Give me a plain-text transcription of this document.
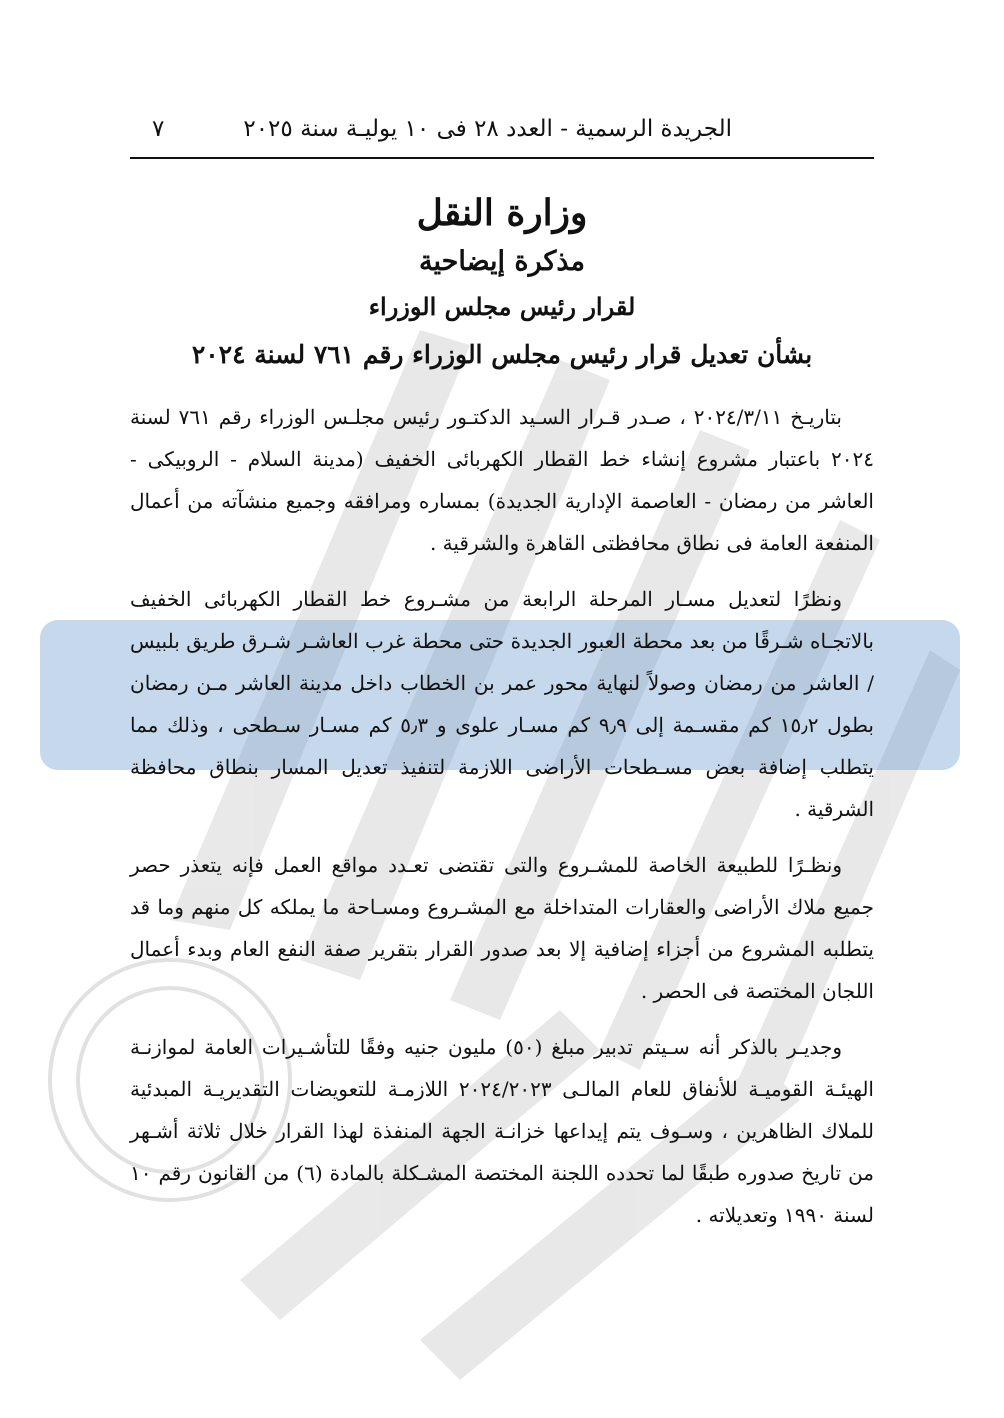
الجريدة الرسمية - العدد ٢٨ فى ١٠ يوليـة سنة ٢٠٢٥
٧
وزارة النقل
مذكرة إيضاحية
لقرار رئيس مجلس الوزراء
بشأن تعديل قرار رئيس مجلس الوزراء رقم ٧٦١ لسنة ٢٠٢٤

بتاريـخ ٢٠٢٤/٣/١١ ، صـدر قـرار السـيد الدكتـور رئيس مجلـس الوزراء رقم ٧٦١ لسنة ٢٠٢٤ باعتبار مشروع إنشاء خط القطار الكهربائى الخفيف (مدينة السلام - الروبيكى - العاشر من رمضان - العاصمة الإدارية الجديدة) بمساره ومرافقه وجميع منشآته من أعمال المنفعة العامة فى نطاق محافظتى القاهرة والشرقية .

ونظرًا لتعديل مسـار المرحلة الرابعة من مشـروع خط القطار الكهربائى الخفيف بالاتجـاه شـرقًا من بعد محطة العبور الجديدة حتى محطة غرب العاشـر شـرق طريق بلبيس / العاشر من رمضان وصولاً لنهاية محور عمر بن الخطاب داخل مدينة العاشر مـن رمضان بطول ١٥٫٢ كم مقسـمة إلى ٩٫٩ كم مسـار علوى و ٥٫٣ كم مسـار سـطحى ، وذلك مما يتطلب إضافة بعض مسـطحات الأراضى اللازمة لتنفيذ تعديل المسار بنطاق محافظة الشرقية .

ونظـرًا للطبيعة الخاصة للمشـروع والتى تقتضى تعـدد مواقع العمل فإنه يتعذر حصر جميع ملاك الأراضى والعقارات المتداخلة مع المشـروع ومسـاحة ما يملكه كل منهم وما قد يتطلبه المشروع من أجزاء إضافية إلا بعد صدور القرار بتقرير صفة النفع العام وبدء أعمال اللجان المختصة فى الحصر .

وجديـر بالذكر أنه سـيتم تدبير مبلغ (٥٠) مليون جنيه وفقًا للتأشـيرات العامة لموازنـة الهيئـة القوميـة للأنفاق للعام المالـى ٢٠٢٤/٢٠٢٣ اللازمـة للتعويضات التقديريـة المبدئية للملاك الظاهرين ، وسـوف يتم إيداعها خزانـة الجهة المنفذة لهذا القرار خلال ثلاثة أشـهر من تاريخ صدوره طبقًا لما تحدده اللجنة المختصة المشـكلة بالمادة (٦) من القانون رقم ١٠ لسنة ١٩٩٠ وتعديلاته .
